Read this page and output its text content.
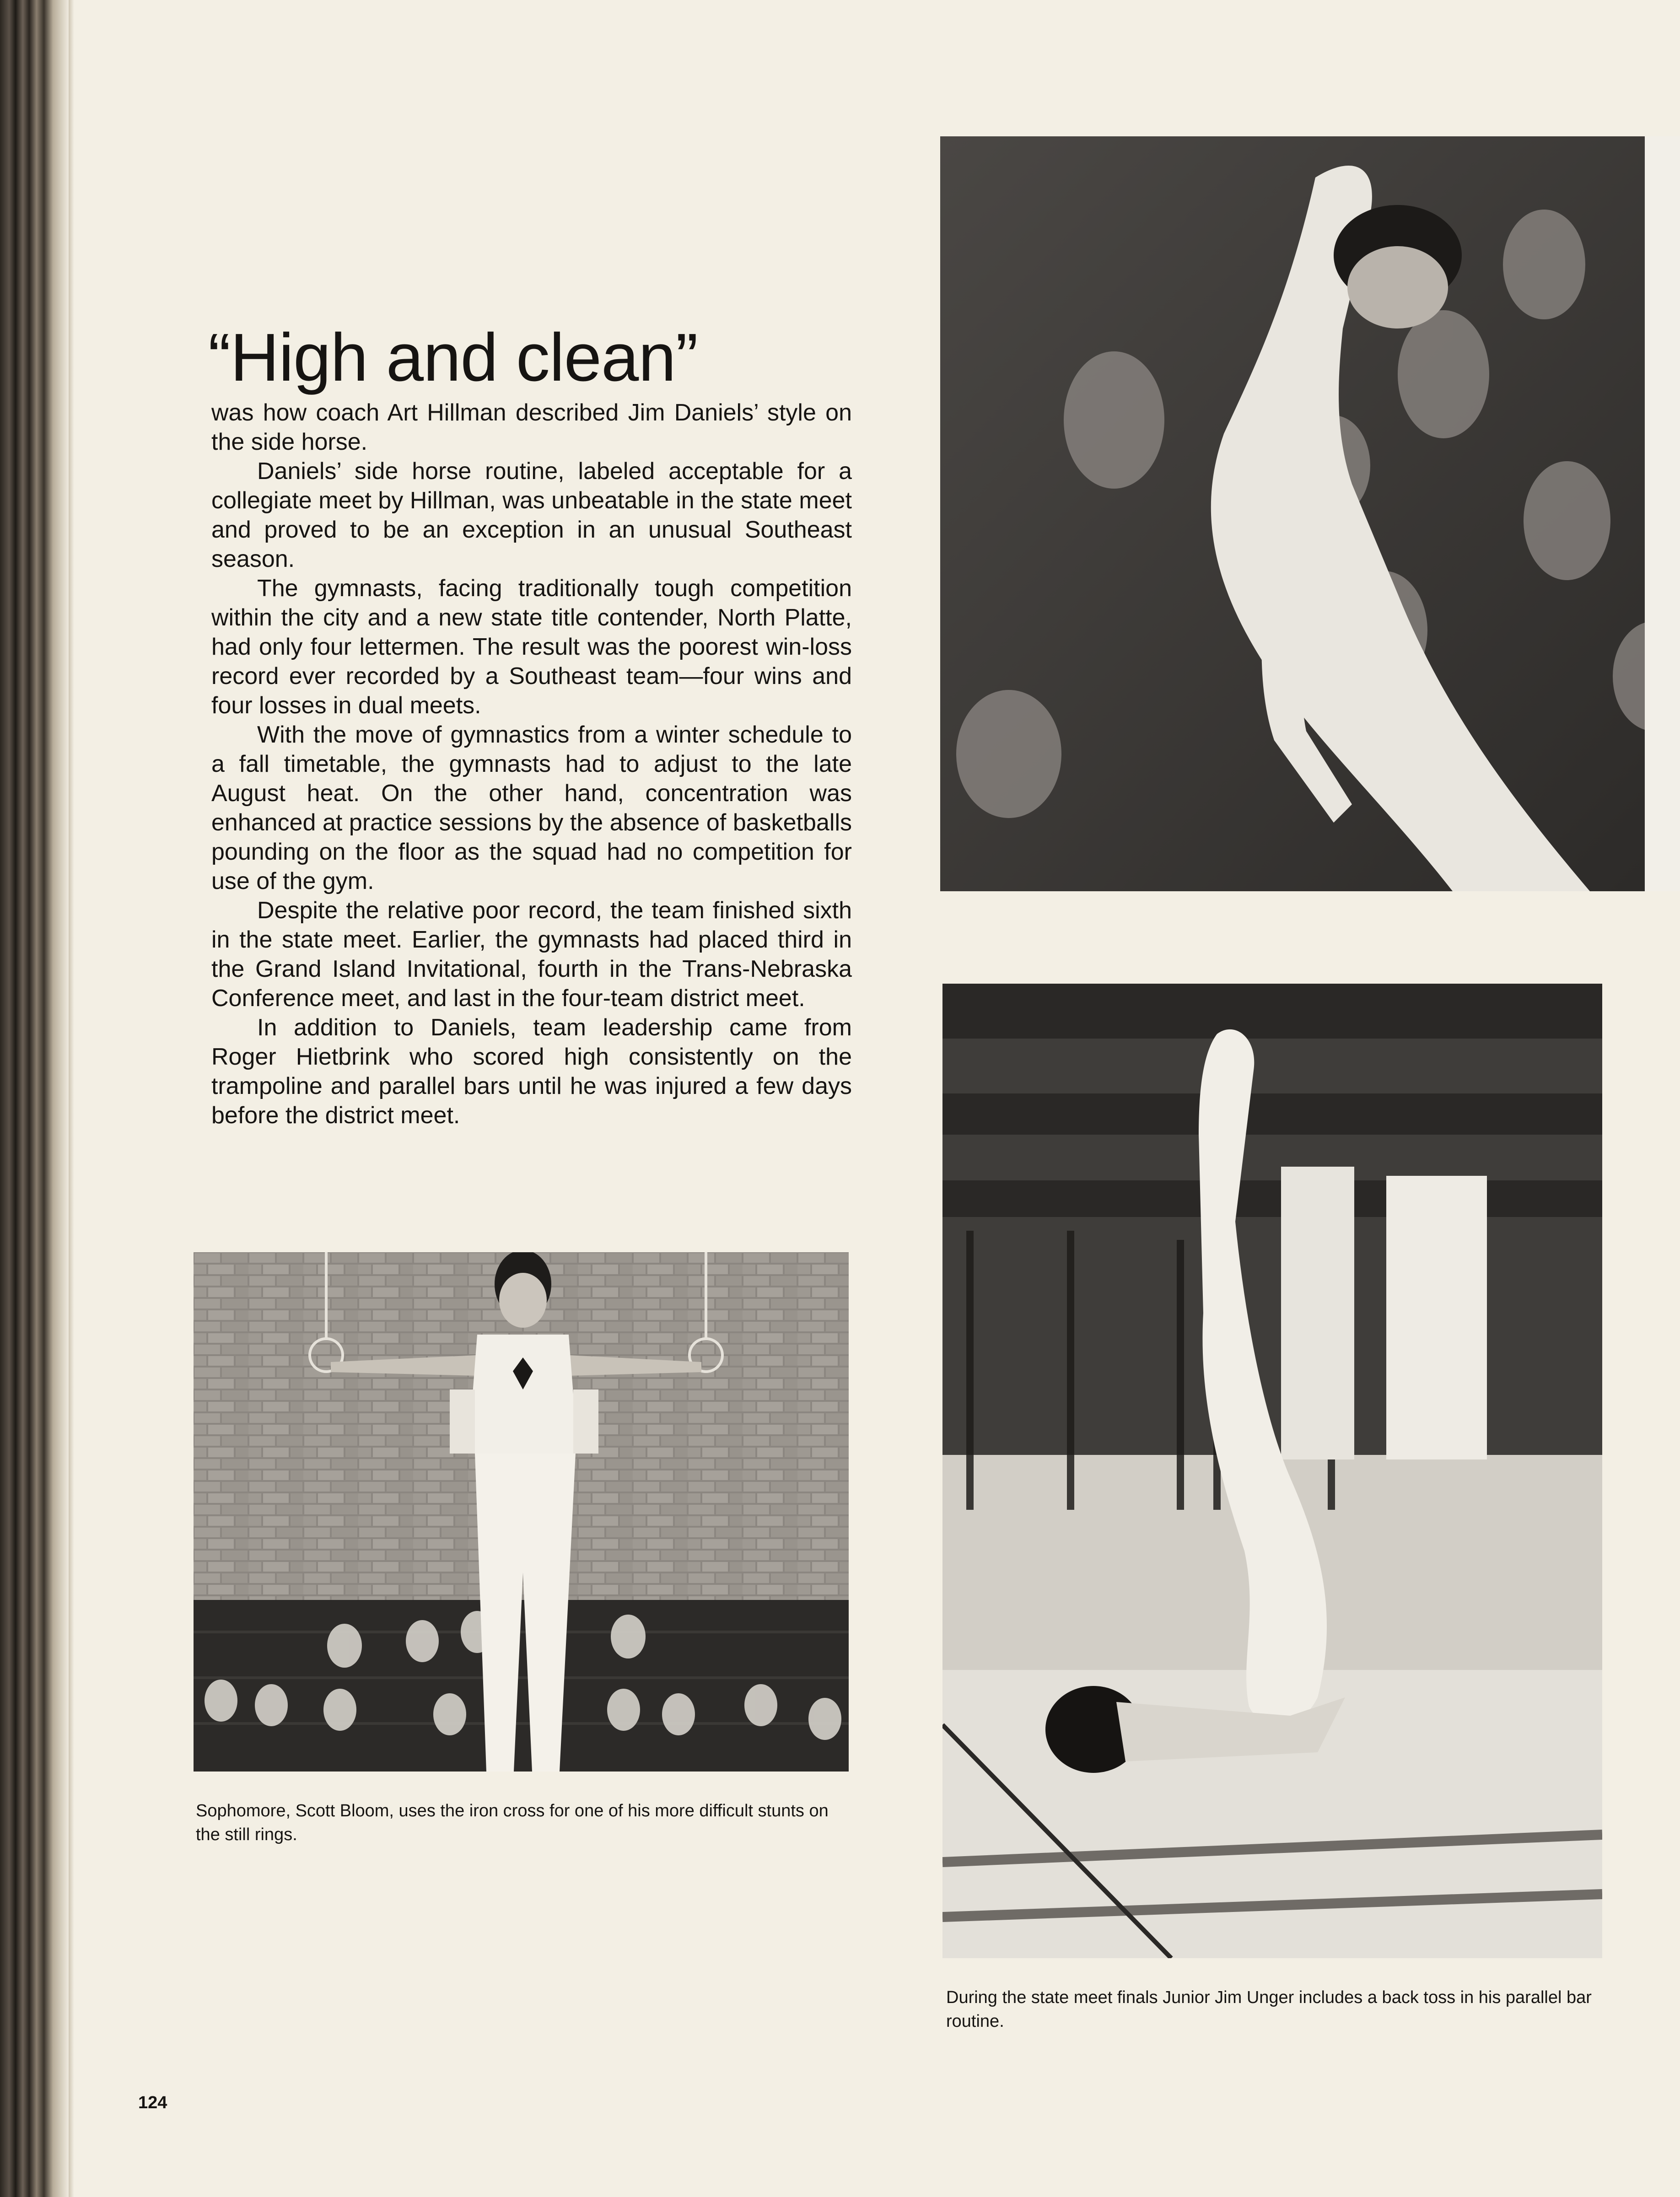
“High and clean”

was how coach Art Hillman described Jim Daniels’ style on the side horse.

Daniels’ side horse routine, labeled acceptable for a collegiate meet by Hillman, was unbeatable in the state meet and proved to be an exception in an unusual Southeast season.

The gymnasts, facing traditionally tough competition within the city and a new state title contender, North Platte, had only four lettermen. The result was the poorest win-loss record ever recorded by a Southeast team—four wins and four losses in dual meets.

With the move of gymnastics from a winter schedule to a fall timetable, the gymnasts had to adjust to the late August heat. On the other hand, concentration was enhanced at practice sessions by the absence of basketballs pounding on the floor as the squad had no competition for use of the gym.

Despite the relative poor record, the team finished sixth in the state meet. Earlier, the gymnasts had placed third in the Grand Island Invitational, fourth in the Trans-Nebraska Conference meet, and last in the four-team district meet.

In addition to Daniels, team leadership came from Roger Hietbrink who scored high consistently on the trampoline and parallel bars until he was injured a few days before the district meet.

Sophomore, Scott Bloom, uses the iron cross for one of his more difficult stunts on the still rings.

During the state meet finals Junior Jim Unger includes a back toss in his parallel bar routine.

124
